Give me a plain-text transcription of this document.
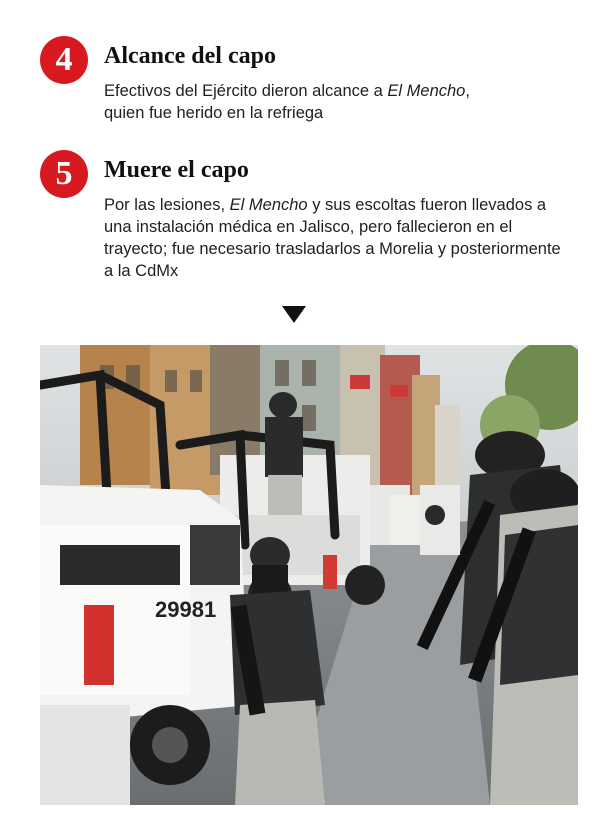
4	Alcance del capo

Efectivos del Ejército dieron alcance a El Mencho,
quien fue herido en la refriega

5	Muere el capo

Por las lesiones, El Mencho y sus escoltas fueron llevados a una instalación médica en Jalisco, pero fallecieron en el trayecto; fue necesario trasladarlos a Morelia y posteriormente a la CdMx

29981
